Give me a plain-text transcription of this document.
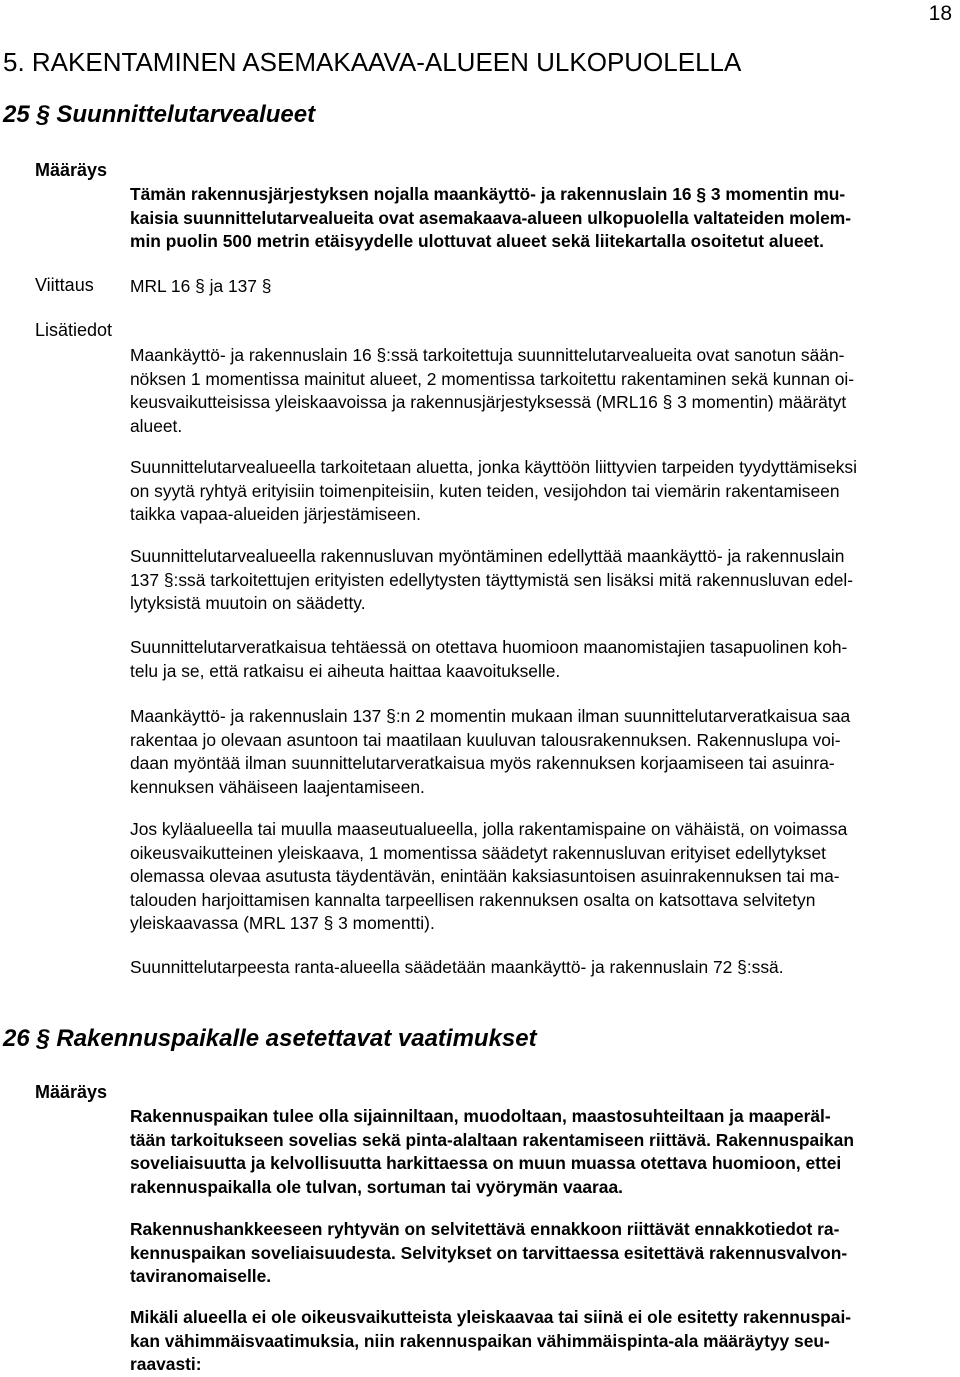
18
5. RAKENTAMINEN ASEMAKAAVA-ALUEEN ULKOPUOLELLA
25 § Suunnittelutarvealueet
Määräys
Tämän rakennusjärjestyksen nojalla maankäyttö- ja rakennuslain 16 § 3 momentin mu-
kaisia suunnittelutarvealueita ovat asemakaava-alueen ulkopuolella valtateiden molem-
min puolin 500 metrin etäisyydelle ulottuvat alueet sekä liitekartalla osoitetut alueet.
Viittaus MRL 16 § ja 137 §
Lisätiedot
Maankäyttö- ja rakennuslain 16 §:ssä tarkoitettuja suunnittelutarvealueita ovat sanotun sään-
nöksen 1 momentissa mainitut alueet, 2 momentissa tarkoitettu rakentaminen sekä kunnan oi-
keusvaikutteisissa yleiskaavoissa ja rakennusjärjestyksessä (MRL16 § 3 momentin) määrätyt
alueet.
Suunnittelutarvealueella tarkoitetaan aluetta, jonka käyttöön liittyvien tarpeiden tyydyttämiseksi
on syytä ryhtyä erityisiin toimenpiteisiin, kuten teiden, vesijohdon tai viemärin rakentamiseen
taikka vapaa-alueiden järjestämiseen.
Suunnittelutarvealueella rakennusluvan myöntäminen edellyttää maankäyttö- ja rakennuslain
137 §:ssä tarkoitettujen erityisten edellytysten täyttymistä sen lisäksi mitä rakennusluvan edel-
lytyksistä muutoin on säädetty.
Suunnittelutarveratkaisua tehtäessä on otettava huomioon maanomistajien tasapuolinen koh-
telu ja se, että ratkaisu ei aiheuta haittaa kaavoitukselle.
Maankäyttö- ja rakennuslain 137 §:n 2 momentin mukaan ilman suunnittelutarveratkaisua saa
rakentaa jo olevaan asuntoon tai maatilaan kuuluvan talousrakennuksen. Rakennuslupa voi-
daan myöntää ilman suunnittelutarveratkaisua myös rakennuksen korjaamiseen tai asuinra-
kennuksen vähäiseen laajentamiseen.
Jos kyläalueella tai muulla maaseutualueella, jolla rakentamispaine on vähäistä, on voimassa
oikeusvaikutteinen yleiskaava, 1 momentissa säädetyt rakennusluvan erityiset edellytykset
olemassa olevaa asutusta täydentävän, enintään kaksiasuntoisen asuinrakennuksen tai ma-
talouden harjoittamisen kannalta tarpeellisen rakennuksen osalta on katsottava selvitetyn
yleiskaavassa (MRL 137 § 3 momentti).
Suunnittelutarpeesta ranta-alueella säädetään maankäyttö- ja rakennuslain 72 §:ssä.
26 § Rakennuspaikalle asetettavat vaatimukset
Määräys
Rakennuspaikan tulee olla sijainniltaan, muodoltaan, maastosuhteiltaan ja maaperäl-
tään tarkoitukseen sovelias sekä pinta-alaltaan rakentamiseen riittävä. Rakennuspaikan
soveliaisuutta ja kelvollisuutta harkittaessa on muun muassa otettava huomioon, ettei
rakennuspaikalla ole tulvan, sortuman tai vyörymän vaaraa.
Rakennushankkeeseen ryhtyvän on selvitettävä ennakkoon riittävät ennakkotiedot ra-
kennuspaikan soveliaisuudesta. Selvitykset on tarvittaessa esitettävä rakennusvalvon-
taviranomaiselle.
Mikäli alueella ei ole oikeusvaikutteista yleiskaavaa tai siinä ei ole esitetty rakennuspai-
kan vähimmäisvaatimuksia, niin rakennuspaikan vähimmäispinta-ala määräytyy seu-
raavasti:
